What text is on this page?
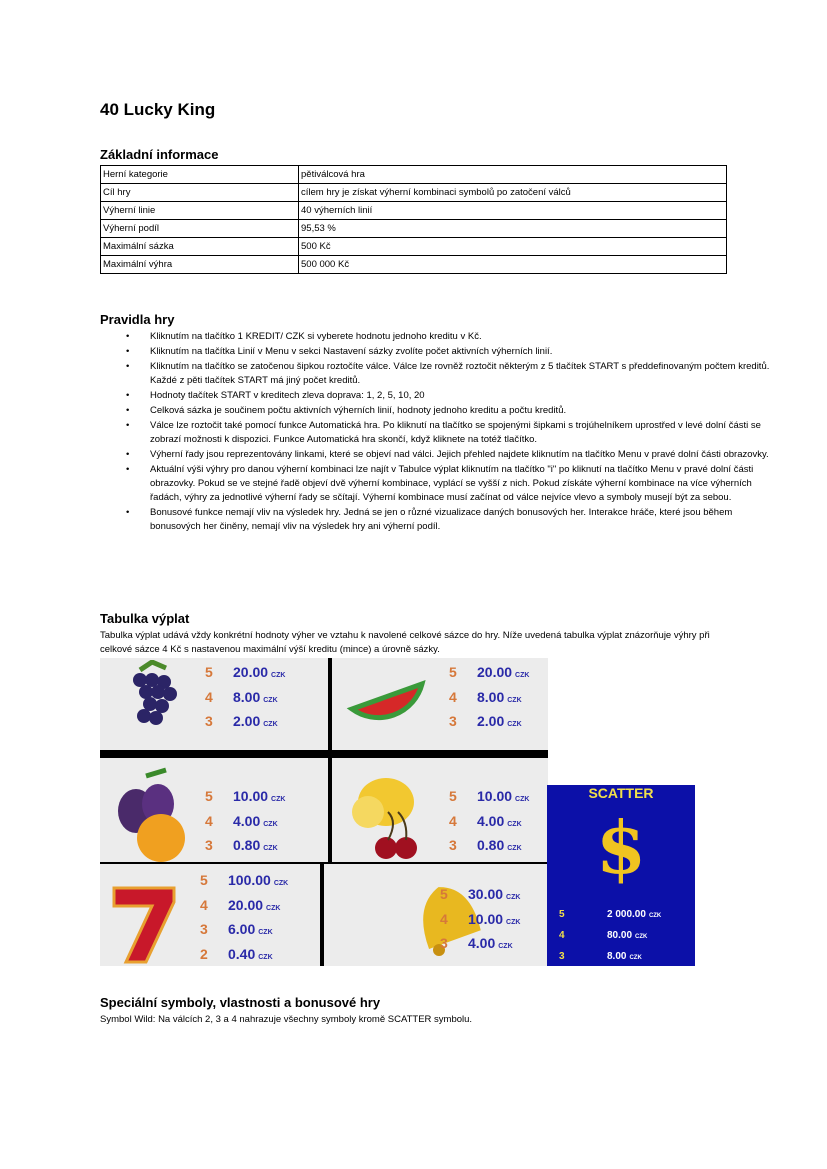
40 Lucky King
Základní informace
Herní kategorie	pětiválcová hra
Cíl hry	cílem hry je získat výherní kombinaci symbolů po zatočení válců
Výherní linie	40 výherních linií
Výherní podíl	95,53 %
Maximální sázka	500 Kč
Maximální výhra	500 000 Kč
Pravidla hry
• Kliknutím na tlačítko 1 KREDIT/ CZK si vyberete hodnotu jednoho kreditu v Kč.
• Kliknutím na tlačítka Linií v Menu v sekci Nastavení sázky zvolíte počet aktivních výherních linií.
• Kliknutím na tlačítko se zatočenou šipkou roztočíte válce. Válce lze rovněž roztočit některým z 5 tlačítek START s předdefinovaným počtem kreditů. Každé z pěti tlačítek START má jiný počet kreditů.
• Hodnoty tlačítek START v kreditech zleva doprava: 1, 2, 5, 10, 20
• Celková sázka je součinem počtu aktivních výherních linií, hodnoty jednoho kreditu a počtu kreditů.
• Válce lze roztočit také pomocí funkce Automatická hra. Po kliknutí na tlačítko se spojenými šipkami s trojúhelníkem uprostřed v levé dolní části se zobrazí možnosti k dispozici. Funkce Automatická hra skončí, když kliknete na totéž tlačítko.
• Výherní řady jsou reprezentovány linkami, které se objeví nad válci. Jejich přehled najdete kliknutím na tlačítko Menu v pravé dolní části obrazovky.
• Aktuální výši výhry pro danou výherní kombinaci lze najít v Tabulce výplat kliknutím na tlačítko "i" po kliknutí na tlačítko Menu v pravé dolní části obrazovky. Pokud se ve stejné řadě objeví dvě výherní kombinace, vyplácí se vyšší z nich. Pokud získáte výherní kombinace na více výherních řadách, výhry za jednotlivé výherní řady se sčítají. Výherní kombinace musí začínat od válce nejvíce vlevo a symboly musejí být za sebou.
• Bonusové funkce nemají vliv na výsledek hry. Jedná se jen o různé vizualizace daných bonusových her. Interakce hráče, které jsou během bonusových her činěny, nemají vliv na výsledek hry ani výherní podíl.
Tabulka výplat

Tabulka výplat udává vždy konkrétní hodnoty výher ve vztahu k navolené celkové sázce do hry. Níže uvedená tabulka výplat znázorňuje výhry při celkové sázce 4 Kč s nastavenou maximální výší kreditu (mince) a úrovně sázky.

5 20.00 CZK
4 8.00 CZK
3 2.00 CZK
5 20.00 CZK
4 8.00 CZK
3 2.00 CZK
5 10.00 CZK
4 4.00 CZK
3 0.80 CZK
5 10.00 CZK
4 4.00 CZK
3 0.80 CZK
5 100.00 CZK
4 20.00 CZK
3 6.00 CZK
2 0.40 CZK
5 30.00 CZK
4 10.00 CZK
3 4.00 CZK
SCATTER
$
5	2 000.00 CZK
4	80.00 CZK
3	8.00 CZK
Speciální symboly, vlastnosti a bonusové hry

Symbol Wild: Na válcích 2, 3 a 4 nahrazuje všechny symboly kromě SCATTER symbolu.
